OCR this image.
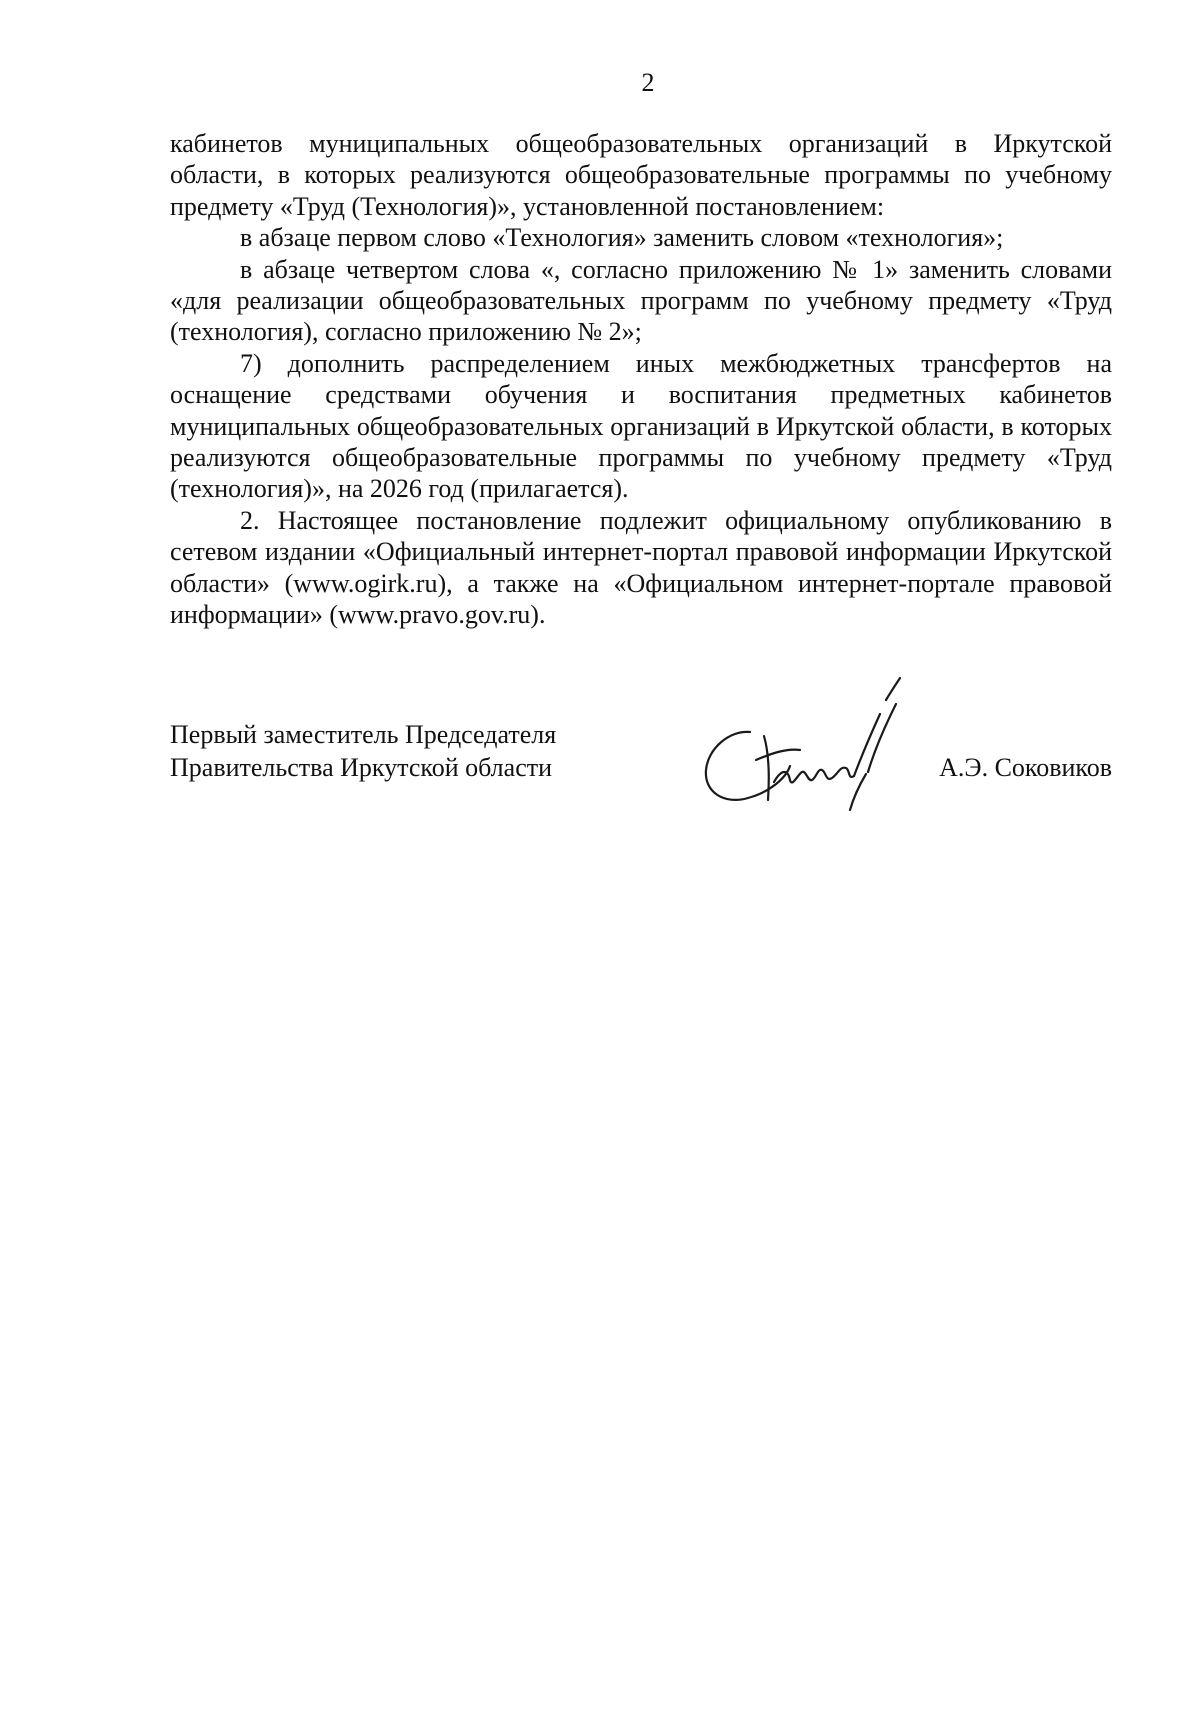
2

кабинетов муниципальных общеобразовательных организаций в Иркутской области, в которых реализуются общеобразовательные программы по учебному предмету «Труд (Технология)», установленной постановлением:

в абзаце первом слово «Технология» заменить словом «технология»;

в абзаце четвертом слова «, согласно приложению № 1» заменить словами «для реализации общеобразовательных программ по учебному предмету «Труд (технология), согласно приложению № 2»;

7) дополнить распределением иных межбюджетных трансфертов на оснащение средствами обучения и воспитания предметных кабинетов муниципальных общеобразовательных организаций в Иркутской области, в которых реализуются общеобразовательные программы по учебному предмету «Труд (технология)», на 2026 год (прилагается).

2. Настоящее постановление подлежит официальному опубликованию в сетевом издании «Официальный интернет-портал правовой информации Иркутской области» (www.ogirk.ru), а также на «Официальном интернет-портале правовой информации» (www.pravo.gov.ru).

Первый заместитель Председателя
Правительства Иркутской области	А.Э. Соковиков
